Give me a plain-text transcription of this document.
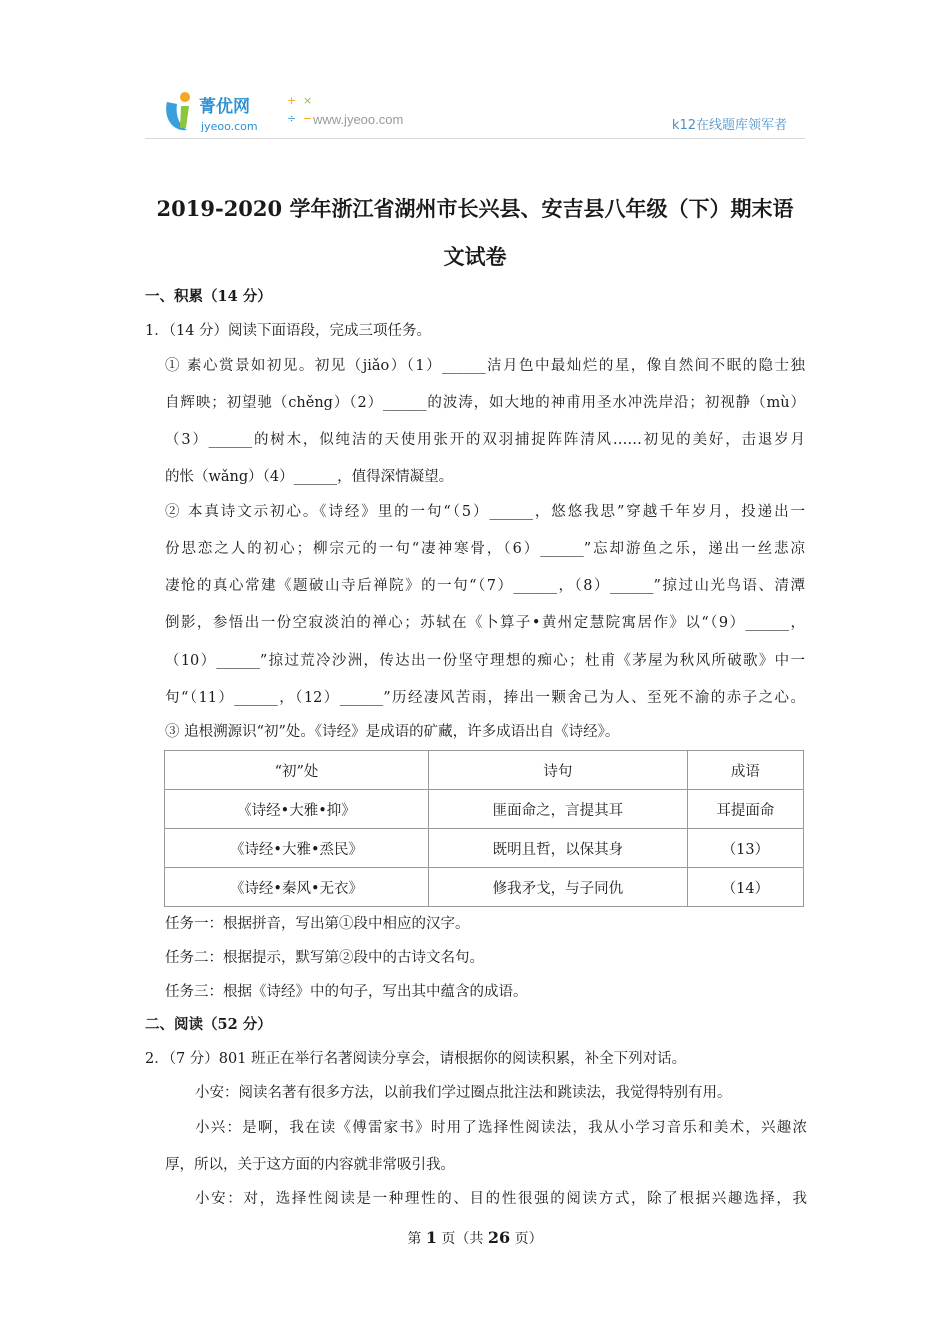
菁优网
jyeoo.com
+ ×
÷ − www.jyeoo.com	k12在线题库领军者
2019-2020 学年浙江省湖州市长兴县、安吉县八年级（下）期末语
文试卷
一、积累（14 分）
1．（14 分）阅读下面语段，完成三项任务。
① 素心赏景如初见。初见（jiǎo）（1）______洁月色中最灿烂的星，像自然间不眠的隐士独
自辉映；初望驰（chěng）（2）______的波涛，如大地的神甫用圣水冲洗岸沿；初视静（mù）
（3）______的树木，似纯洁的天使用张开的双羽捕捉阵阵清风……初见的美好，击退岁月
的怅（wǎng）（4）______，值得深情凝望。
② 本真诗文示初心。《诗经》里的一句“（5）______，悠悠我思”穿越千年岁月，投递出一
份思恋之人的初心；柳宗元的一句“凄神寒骨，（6）______”忘却游鱼之乐，递出一丝悲凉
凄怆的真心常建《题破山寺后禅院》的一句“（7）______，（8）______”掠过山光鸟语、清潭
倒影，参悟出一份空寂淡泊的禅心；苏轼在《卜算子•黄州定慧院寓居作》以“（9）______，
（10）______”掠过荒冷沙洲，传达出一份坚守理想的痴心；杜甫《茅屋为秋风所破歌》中一
句“（11）______，（12）______”历经凄风苦雨，捧出一颗舍己为人、至死不渝的赤子之心。
③ 追根溯源识“初”处。《诗经》是成语的矿藏，许多成语出自《诗经》。
“初”处	诗句	成语
《诗经•大雅•抑》	匪面命之，言提其耳	耳提面命
《诗经•大雅•烝民》	既明且哲，以保其身	（13）
《诗经•秦风•无衣》	修我矛戈，与子同仇	（14）
任务一：根据拼音，写出第①段中相应的汉字。
任务二：根据提示，默写第②段中的古诗文名句。
任务三：根据《诗经》中的句子，写出其中蕴含的成语。
二、阅读（52 分）
2．（7 分）801 班正在举行名著阅读分享会，请根据你的阅读积累，补全下列对话。
小安：阅读名著有很多方法，以前我们学过圈点批注法和跳读法，我觉得特别有用。
小兴：是啊，我在读《傅雷家书》时用了选择性阅读法，我从小学习音乐和美术，兴趣浓
厚，所以，关于这方面的内容就非常吸引我。
小安：对，选择性阅读是一种理性的、目的性很强的阅读方式，除了根据兴趣选择，我
第 1 页（共 26 页）
